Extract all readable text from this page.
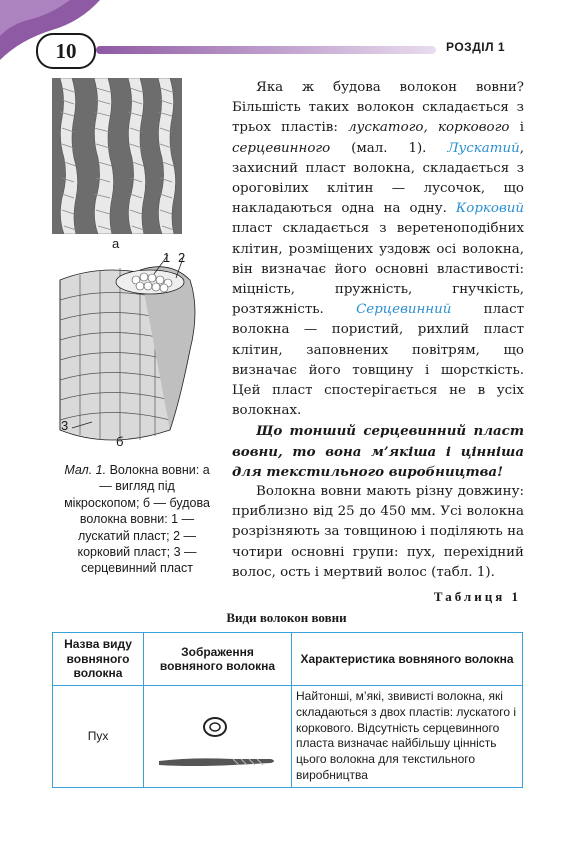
10	РОЗДІЛ 1
а
1 2
3
б
Мал. 1. Волокна вовни: а — вигляд під мікроскопом; б — будова волокна вовни: 1 — лускатий пласт; 2 — корковий пласт; 3 — серцевинний пласт

Яка ж будова волокон вовни? Більшість таких волокон складається з трьох пластів: лускатого, коркового і серцевинного (мал. 1). Лускатий, захисний пласт волокна, складається з ороговілих клітин — лусочок, що накладаються одна на одну. Корковий пласт складається з веретеноподібних клітин, розміщених уздовж осі волокна, він визначає його основні властивості: міцність, пружність, гнучкість, розтяжність. Серцевинний пласт волокна — пористий, рихлий пласт клітин, заповнених повітрям, що визначає його товщину і шорсткість. Цей пласт спостерігається не в усіх волокнах.

Що тонший серцевинний пласт вовни, то вона м’якіша і цінніша для текстильного виробництва!

Волокна вовни мають різну довжину: приблизно від 25 до 450 мм. Усі волокна розрізняють за товщиною і поділяють на чотири основні групи: пух, перехідний волос, ость і мертвий волос (табл. 1).

Таблиця 1
Види волокон вовни
Назва виду вовняного волокна	Зображення вовняного волокна	Характеристика вовняного волокна
Пух		Найтонші, м’які, звивисті волокна, які складаються з двох пластів: лускатого і коркового. Відсутність серцевинного пласта визначає найбільшу цінність цього волокна для текстильного виробництва
